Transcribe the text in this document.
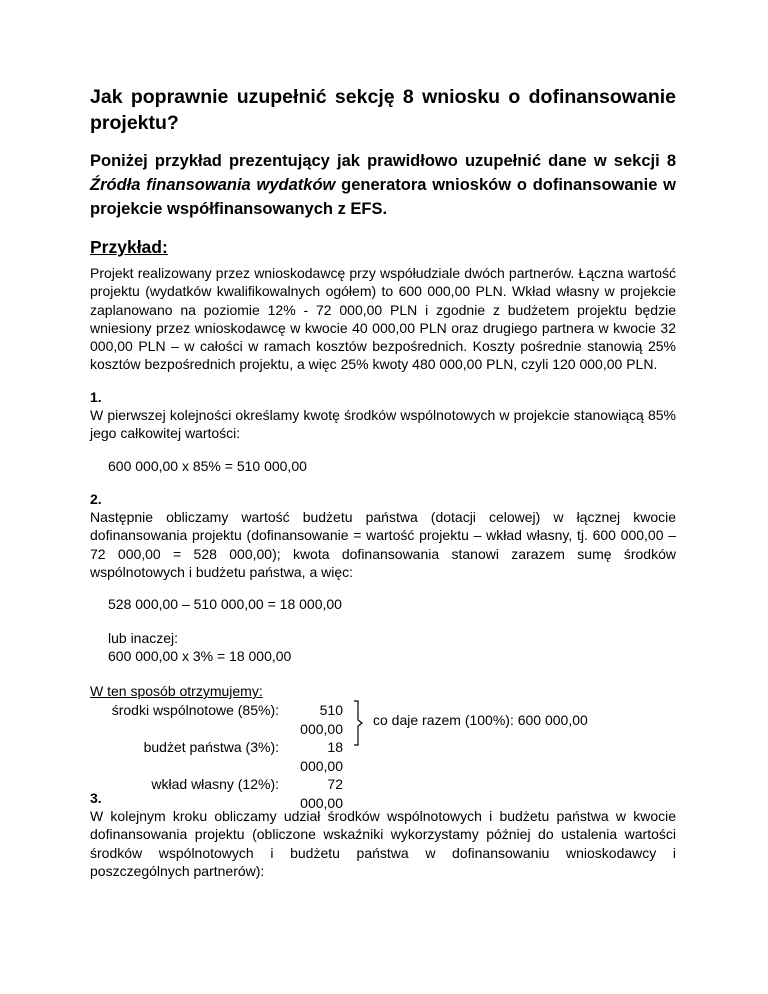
Jak poprawnie uzupełnić sekcję 8 wniosku o dofinansowanie projektu?
Poniżej przykład prezentujący jak prawidłowo uzupełnić dane w sekcji 8 Źródła finansowania wydatków generatora wniosków o dofinansowanie w projekcie współfinansowanych z EFS.
Przykład:

Projekt realizowany przez wnioskodawcę przy współudziale dwóch partnerów. Łączna wartość projektu (wydatków kwalifikowalnych ogółem) to 600 000,00 PLN. Wkład własny w projekcie zaplanowano na poziomie 12% - 72 000,00 PLN i zgodnie z budżetem projektu będzie wniesiony przez wnioskodawcę w kwocie 40 000,00 PLN oraz drugiego partnera w kwocie 32 000,00 PLN – w całości w ramach kosztów bezpośrednich. Koszty pośrednie stanowią 25% kosztów bezpośrednich projektu, a więc 25% kwoty 480 000,00 PLN, czyli 120 000,00 PLN.

1.

W pierwszej kolejności określamy kwotę środków wspólnotowych w projekcie stanowiącą 85% jego całkowitej wartości:

600 000,00 x 85% = 510 000,00
2.

Następnie obliczamy wartość budżetu państwa (dotacji celowej) w łącznej kwocie dofinansowania projektu (dofinansowanie = wartość projektu – wkład własny, tj. 600 000,00 – 72 000,00 = 528 000,00); kwota dofinansowania stanowi zarazem sumę środków wspólnotowych i budżetu państwa, a więc:

528 000,00 – 510 000,00 = 18 000,00
lub inaczej:
600 000,00 x 3% = 18 000,00
W ten sposób otrzymujemy:
środki wspólnotowe (85%):	510 000,00
budżet państwa (3%):	18 000,00
wkład własny (12%):	72 000,00
co daje razem (100%): 600 000,00
3.

W kolejnym kroku obliczamy udział środków wspólnotowych i budżetu państwa w kwocie dofinansowania projektu (obliczone wskaźniki wykorzystamy później do ustalenia wartości środków wspólnotowych i budżetu państwa w dofinansowaniu wnioskodawcy i poszczególnych partnerów):
